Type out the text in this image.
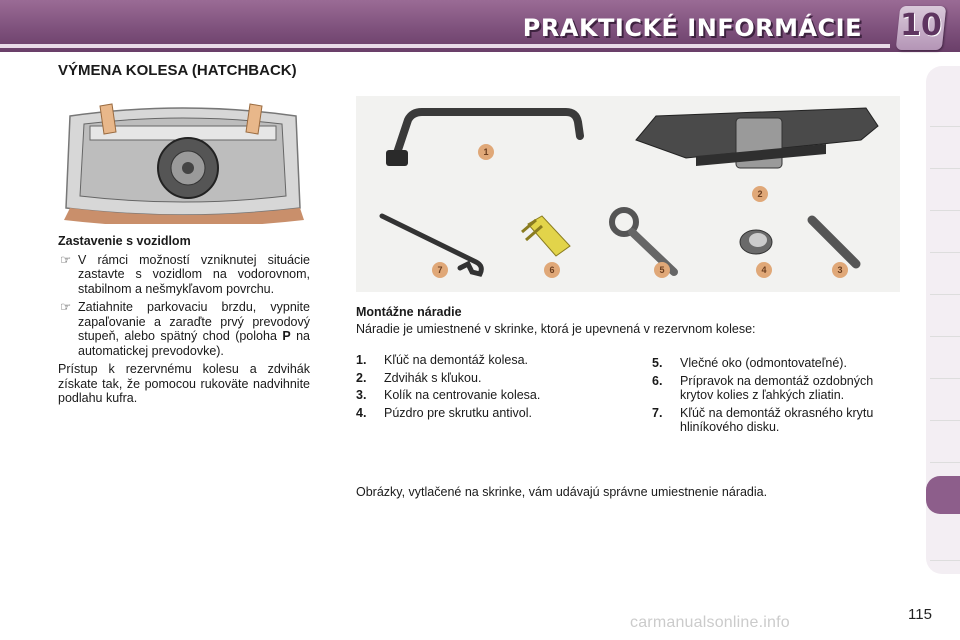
PRAKTICKÉ INFORMÁCIE 10
VÝMENA KOLESA (HATCHBACK)
Zastavenie s vozidlom
☞ V rámci možností vzniknutej situácie zastavte s vozidlom na vodorovnom, stabilnom a nešmykľavom povrchu.
☞ Zatiahnite parkovaciu brzdu, vypnite zapaľovanie a zaraďte prvý prevodový stupeň, alebo spätný chod (poloha P na automatickej prevodovke).
Prístup k rezervnému kolesu a zdvihák získate tak, že pomocou rukoväte nadvihnite podlahu kufra.
1
2
3
4
5
6
7
Montážne náradie
Náradie je umiestnené v skrinke, ktorá je upevnená v rezervnom kolese:
1. Kľúč na demontáž kolesa.
2. Zdvihák s kľukou.
3. Kolík na centrovanie kolesa.
4. Púzdro pre skrutku antivol.
5. Vlečné oko (odmontovateľné).
6. Prípravok na demontáž ozdobných krytov kolies z ľahkých zliatin.
7. Kľúč na demontáž okrasného krytu hliníkového disku.
Obrázky, vytlačené na skrinke, vám udávajú správne umiestnenie náradia.
115
carmanualsonline.info
